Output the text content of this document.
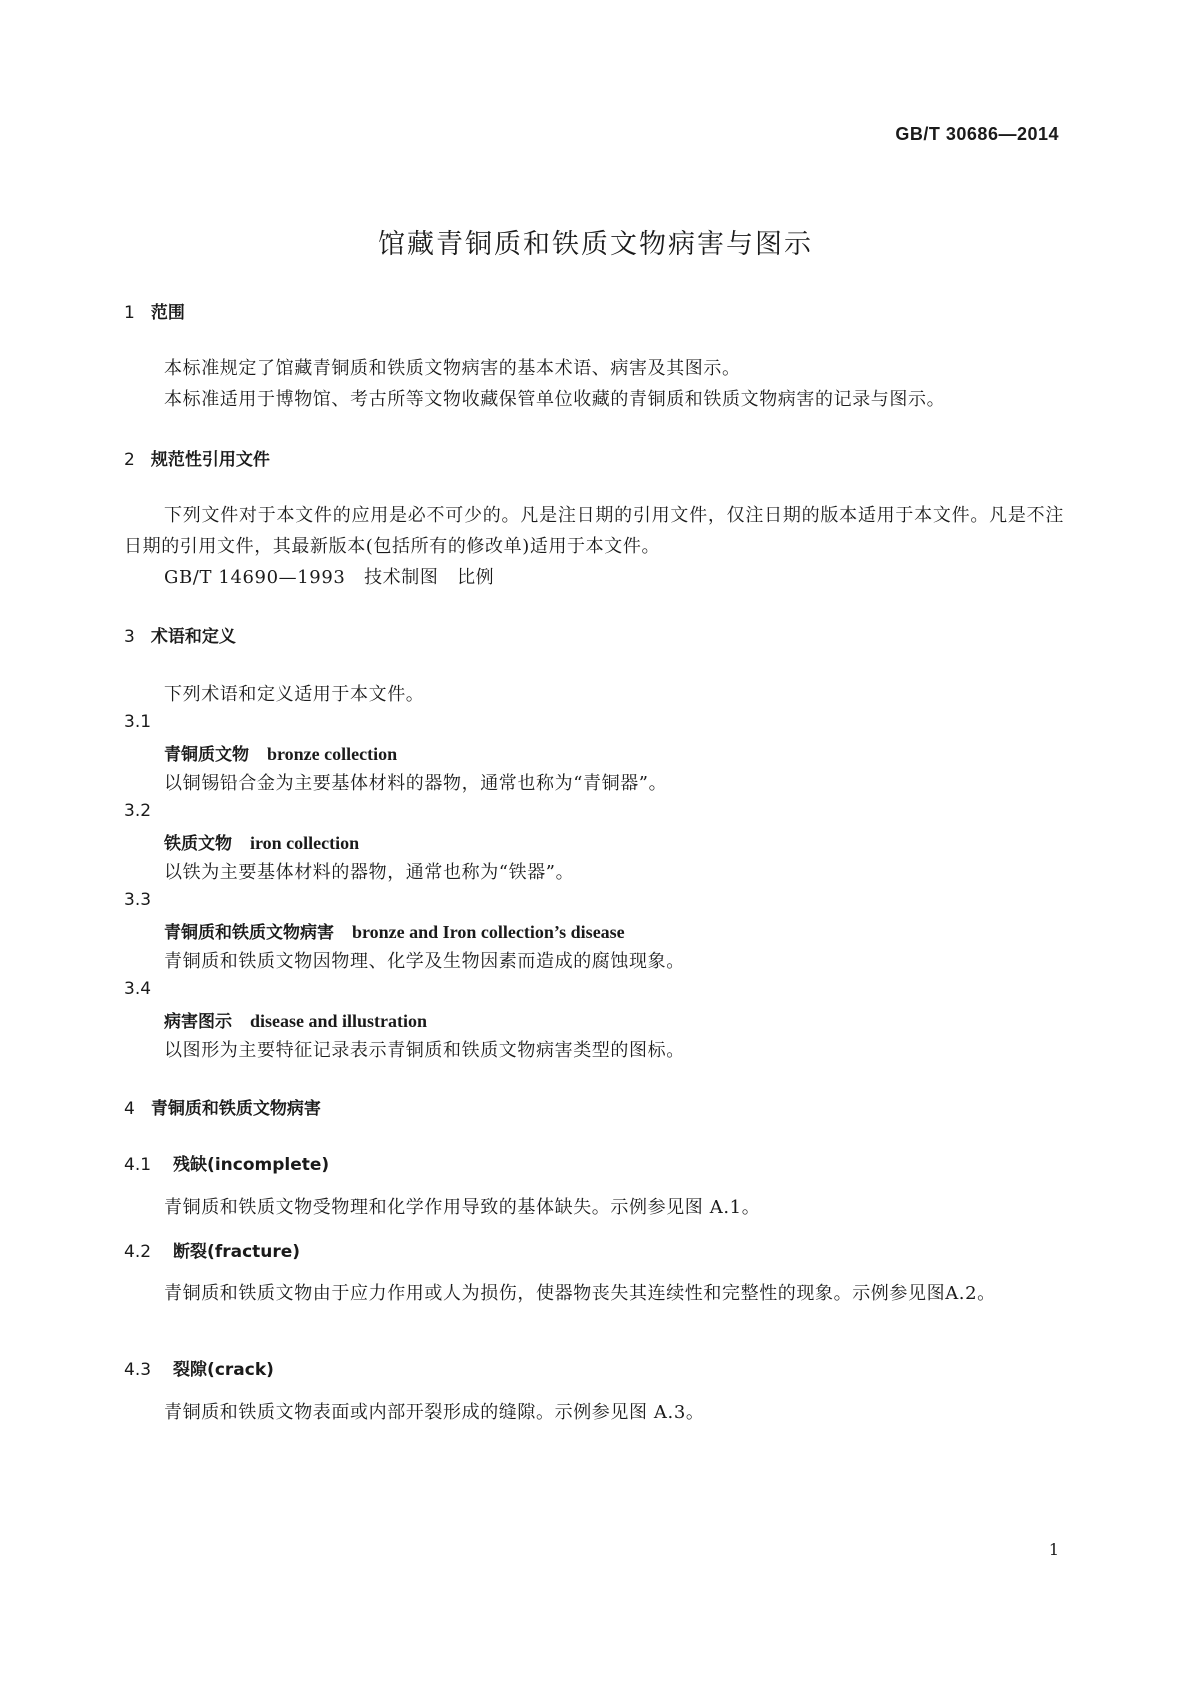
GB/T 30686—2014
馆藏青铜质和铁质文物病害与图示
1 范围
本标准规定了馆藏青铜质和铁质文物病害的基本术语、病害及其图示。
本标准适用于博物馆、考古所等文物收藏保管单位收藏的青铜质和铁质文物病害的记录与图示。
2 规范性引用文件
下列文件对于本文件的应用是必不可少的。凡是注日期的引用文件，仅注日期的版本适用于本文件。凡是不注日期的引用文件，其最新版本(包括所有的修改单)适用于本文件。
GB/T 14690—1993　技术制图　比例
3 术语和定义
下列术语和定义适用于本文件。
3.1
青铜质文物 bronze collection
以铜锡铅合金为主要基体材料的器物，通常也称为“青铜器”。
3.2
铁质文物 iron collection
以铁为主要基体材料的器物，通常也称为“铁器”。
3.3
青铜质和铁质文物病害 bronze and Iron collection’s disease
青铜质和铁质文物因物理、化学及生物因素而造成的腐蚀现象。
3.4
病害图示 disease and illustration
以图形为主要特征记录表示青铜质和铁质文物病害类型的图标。
4 青铜质和铁质文物病害
4.1 残缺(incomplete)
青铜质和铁质文物受物理和化学作用导致的基体缺失。示例参见图 A.1。
4.2 断裂(fracture)
青铜质和铁质文物由于应力作用或人为损伤，使器物丧失其连续性和完整性的现象。示例参见图A.2。
4.3 裂隙(crack)
青铜质和铁质文物表面或内部开裂形成的缝隙。示例参见图 A.3。
1
